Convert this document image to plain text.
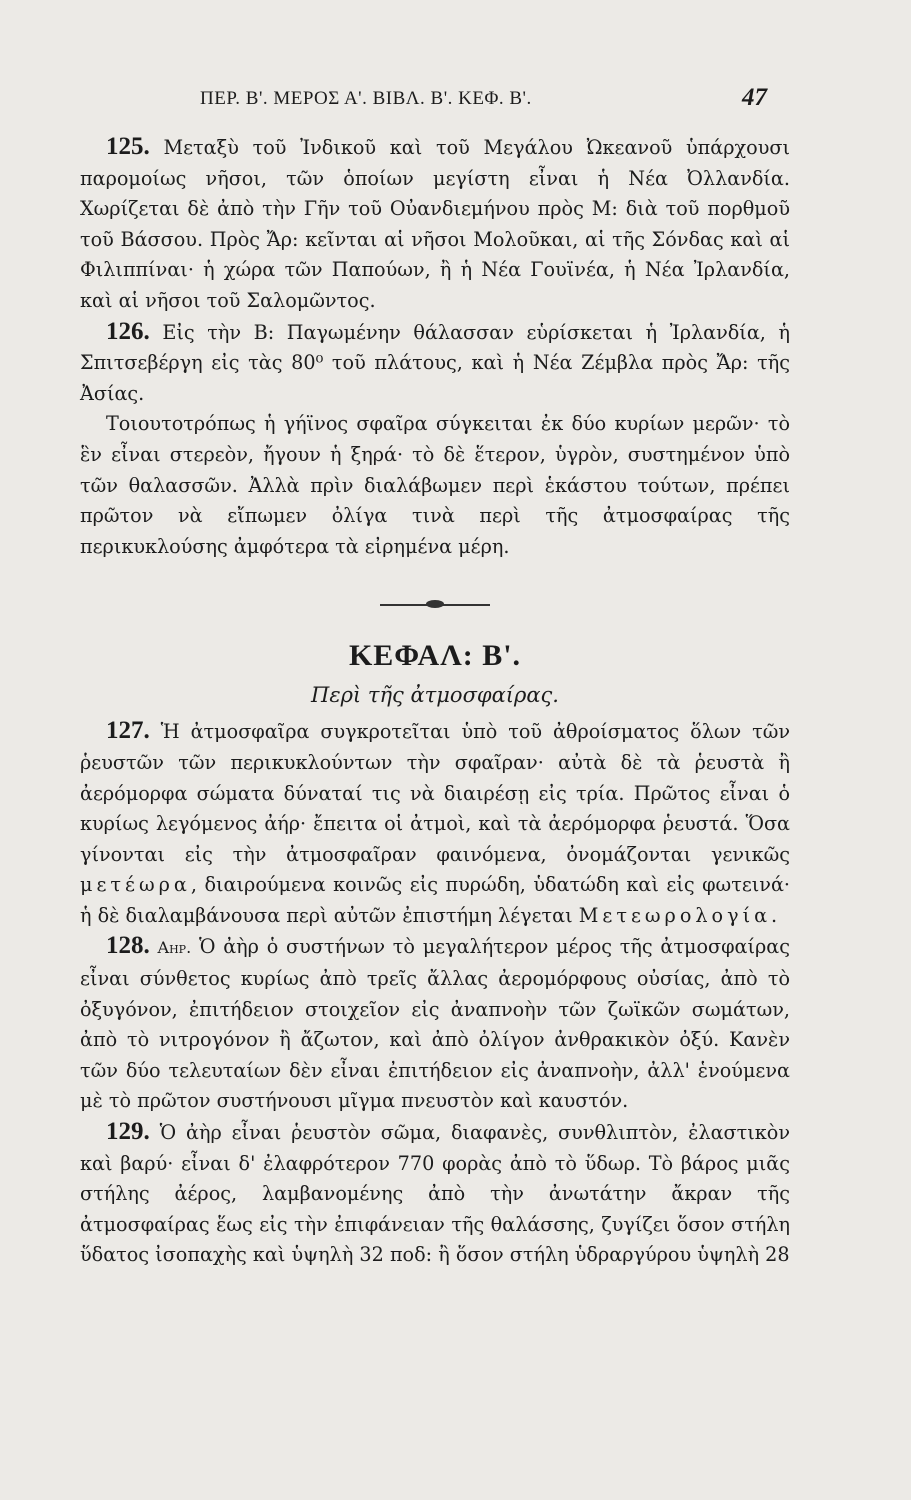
ΠΕΡ. Β'. ΜΕΡΟΣ Α'. ΒΙΒΛ. Β'. ΚΕΦ. Β'.	47

125. Μεταξὺ τοῦ Ἰνδικοῦ καὶ τοῦ Μεγάλου Ὠκεανοῦ ὑπάρχουσι παρομοίως νῆσοι, τῶν ὁποίων μεγίστη εἶναι ἡ Νέα Ὀλλανδία. Χωρίζεται δὲ ἀπὸ τὴν Γῆν τοῦ Οὐανδιεμήνου πρὸς Μ: διὰ τοῦ πορθμοῦ τοῦ Βάσσου. Πρὸς Ἄρ: κεῖνται αἱ νῆσοι Μολοῦκαι, αἱ τῆς Σόνδας καὶ αἱ Φιλιππίναι· ἡ χώρα τῶν Παπούων, ἢ ἡ Νέα Γουϊνέα, ἡ Νέα Ἰρλανδία, καὶ αἱ νῆσοι τοῦ Σαλομῶντος.

126. Εἰς τὴν Β: Παγωμένην θάλασσαν εὑρίσκεται ἡ Ἰρλανδία, ἡ Σπιτσεβέργη εἰς τὰς 80⁰ τοῦ πλάτους, καὶ ἡ Νέα Ζέμβλα πρὸς Ἄρ: τῆς Ἀσίας.

Τοιουτοτρόπως ἡ γήϊνος σφαῖρα σύγκειται ἐκ δύο κυρίων μερῶν· τὸ ἓν εἶναι στερεὸν, ἤγουν ἡ ξηρά· τὸ δὲ ἕτερον, ὑγρὸν, συστημένον ὑπὸ τῶν θαλασσῶν. Ἀλλὰ πρὶν διαλάβωμεν περὶ ἑκάστου τούτων, πρέπει πρῶτον νὰ εἴπωμεν ὀλίγα τινὰ περὶ τῆς ἀτμοσφαίρας τῆς περικυκλούσης ἀμφότερα τὰ εἰρημένα μέρη.

ΚΕΦΑΛ: Β'.

Περὶ τῆς ἀτμοσφαίρας.

127. Ἡ ἀτμοσφαῖρα συγκροτεῖται ὑπὸ τοῦ ἀθροίσματος ὅλων τῶν ῥευστῶν τῶν περικυκλούντων τὴν σφαῖραν· αὐτὰ δὲ τὰ ῥευστὰ ἢ ἀερόμορφα σώματα δύναταί τις νὰ διαιρέσῃ εἰς τρία. Πρῶτος εἶναι ὁ κυρίως λεγόμενος ἀήρ· ἔπειτα οἱ ἀτμοὶ, καὶ τὰ ἀερόμορφα ῥευστά. Ὅσα γίνονται εἰς τὴν ἀτμοσφαῖραν φαινόμενα, ὀνομάζονται γενικῶς μετέωρα, διαιρούμενα κοινῶς εἰς πυρώδη, ὑδατώδη καὶ εἰς φωτεινά· ἡ δὲ διαλαμβάνουσα περὶ αὐτῶν ἐπιστήμη λέγεται Μετεωρολογία.

128. Αηρ. Ὁ ἀὴρ ὁ συστήνων τὸ μεγαλήτερον μέρος τῆς ἀτμοσφαίρας εἶναι σύνθετος κυρίως ἀπὸ τρεῖς ἄλλας ἀερομόρφους οὐσίας, ἀπὸ τὸ ὀξυγόνον, ἐπιτήδειον στοιχεῖον εἰς ἀναπνοὴν τῶν ζωϊκῶν σωμάτων, ἀπὸ τὸ νιτρογόνον ἢ ἄζωτον, καὶ ἀπὸ ὀλίγον ἀνθρακικὸν ὀξύ. Κανὲν τῶν δύο τελευταίων δὲν εἶναι ἐπιτήδειον εἰς ἀναπνοὴν, ἀλλ' ἑνούμενα μὲ τὸ πρῶτον συστήνουσι μῖγμα πνευστὸν καὶ καυστόν.

129. Ὁ ἀὴρ εἶναι ῥευστὸν σῶμα, διαφανὲς, συνθλιπτὸν, ἐλαστικὸν καὶ βαρύ· εἶναι δ' ἐλαφρότερον 770 φορὰς ἀπὸ τὸ ὕδωρ. Τὸ βάρος μιᾶς στήλης ἀέρος, λαμβανομένης ἀπὸ τὴν ἀνωτάτην ἄκραν τῆς ἀτμοσφαίρας ἕως εἰς τὴν ἐπιφάνειαν τῆς θαλάσσης, ζυγίζει ὅσον στήλη ὕδατος ἰσοπαχὴς καὶ ὑψηλὴ 32 ποδ: ἢ ὅσον στήλη ὑδραργύρου ὑψηλὴ 28
